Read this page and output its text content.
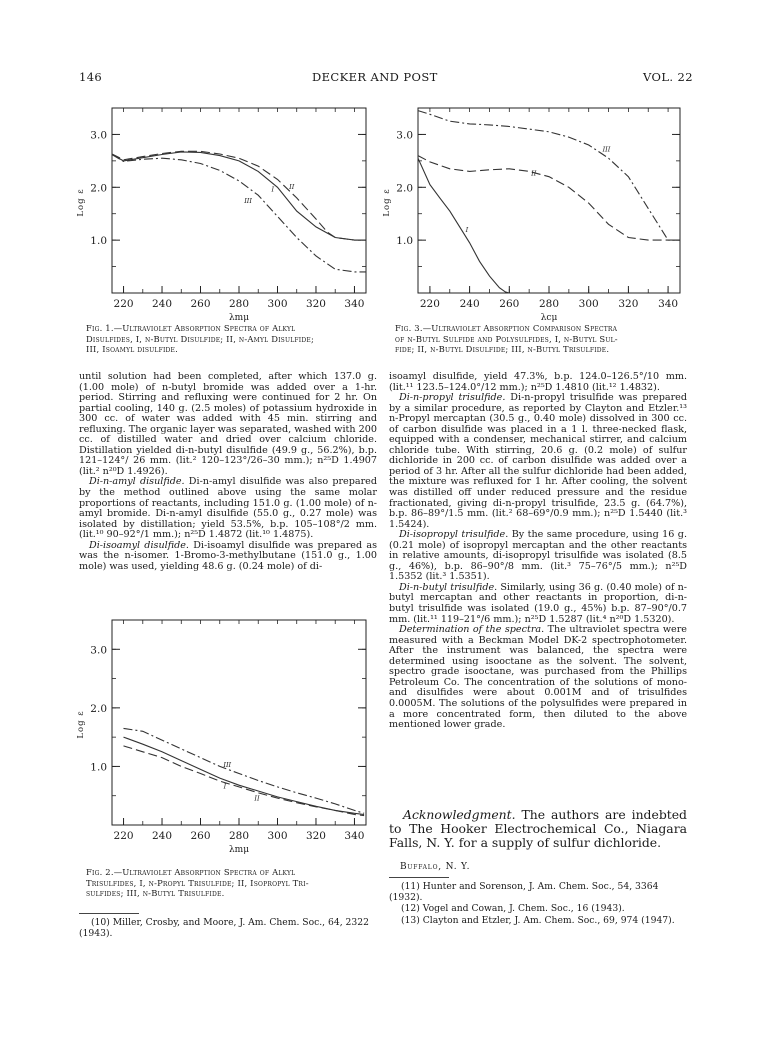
146	DECKER AND POST	VOL. 22
220 240 260 280 300 320 340
1.0
2.0
3.0
λmμ
Log ε
II
I
III
Fig. 1.—Ultraviolet Absorption Spectra of Alkyl
Disulfides, I, n-Butyl Disulfide; II, n-Amyl Disulfide;
III, Isoamyl disulfide.
220 240 260 280 300 320 340
1.0
2.0
3.0
λcμ
Log ε
III
II
I
Fig. 3.—Ultraviolet Absorption Comparison Spectra
of n-Butyl Sulfide and Polysulfides, I, n-Butyl Sul-
fide; II, n-Butyl Disulfide; III, n-Butyl Trisulfide.

until solution had been completed, after which 137.0 g. (1.00 mole) of n-butyl bromide was added over a 1-hr. period. Stirring and refluxing were continued for 2 hr. On partial cooling, 140 g. (2.5 moles) of potassium hydroxide in 300 cc. of water was added with 45 min. stirring and refluxing. The organic layer was separated, washed with 200 cc. of distilled water and dried over calcium chloride. Distillation yielded di-n-butyl disulfide (49.9 g., 56.2%), b.p. 121–124°/ 26 mm. (lit.² 120–123°/26–30 mm.); n²⁵D 1.4907 (lit.² n²⁰D 1.4926).

Di-n-amyl disulfide. Di-n-amyl disulfide was also prepared by the method outlined above using the same molar proportions of reactants, including 151.0 g. (1.00 mole) of n-amyl bromide. Di-n-amyl disulfide (55.0 g., 0.27 mole) was isolated by distillation; yield 53.5%, b.p. 105–108°/2 mm. (lit.¹⁰ 90–92°/1 mm.); n²⁵D 1.4872 (lit.¹⁰ 1.4875).

Di-isoamyl disulfide. Di-isoamyl disulfide was prepared as was the n-isomer. 1-Bromo-3-methylbutane (151.0 g., 1.00 mole) was used, yielding 48.6 g. (0.24 mole) of di-

220 240 260 280 300 320 340
1.0
2.0
3.0
λmμ
Log ε
III
I
II
Fig. 2.—Ultraviolet Absorption Spectra of Alkyl
Trisulfides, I, n-Propyl Trisulfide; II, Isopropyl Tri-
sulfides; III, n-Butyl Trisulfide.

(10) Miller, Crosby, and Moore, J. Am. Chem. Soc., 64, 2322 (1943).

isoamyl disulfide, yield 47.3%, b.p. 124.0–126.5°/10 mm. (lit.¹¹ 123.5–124.0°/12 mm.); n²⁵D 1.4810 (lit.¹² 1.4832).

Di-n-propyl trisulfide. Di-n-propyl trisulfide was prepared by a similar procedure, as reported by Clayton and Etzler.¹³ n-Propyl mercaptan (30.5 g., 0.40 mole) dissolved in 300 cc. of carbon disulfide was placed in a 1 l. three-necked flask, equipped with a condenser, mechanical stirrer, and calcium chloride tube. With stirring, 20.6 g. (0.2 mole) of sulfur dichloride in 200 cc. of carbon disulfide was added over a period of 3 hr. After all the sulfur dichloride had been added, the mixture was refluxed for 1 hr. After cooling, the solvent was distilled off under reduced pressure and the residue fractionated, giving di-n-propyl trisulfide, 23.5 g. (64.7%), b.p. 86–89°/1.5 mm. (lit.² 68–69°/0.9 mm.); n²⁵D 1.5440 (lit.³ 1.5424).

Di-isopropyl trisulfide. By the same procedure, using 16 g. (0.21 mole) of isopropyl mercaptan and the other reactants in relative amounts, di-isopropyl trisulfide was isolated (8.5 g., 46%), b.p. 86–90°/8 mm. (lit.³ 75–76°/5 mm.); n²⁵D 1.5352 (lit.³ 1.5351).

Di-n-butyl trisulfide. Similarly, using 36 g. (0.40 mole) of n-butyl mercaptan and other reactants in proportion, di-n-butyl trisulfide was isolated (19.0 g., 45%) b.p. 87–90°/0.7 mm. (lit.¹¹ 119–21°/6 mm.); n²⁵D 1.5287 (lit.⁴ n²⁰D 1.5320).

Determination of the spectra. The ultraviolet spectra were measured with a Beckman Model DK-2 spectrophotometer. After the instrument was balanced, the spectra were determined using isooctane as the solvent. The solvent, spectro grade isooctane, was purchased from the Phillips Petroleum Co. The concentration of the solutions of mono- and disulfides were about 0.001M and of trisulfides 0.0005M. The solutions of the polysulfides were prepared in a more concentrated form, then diluted to the above mentioned lower grade.

Acknowledgment. The authors are indebted to The Hooker Electrochemical Co., Niagara Falls, N. Y. for a supply of sulfur dichloride.

Buffalo, N. Y.

(11) Hunter and Sorenson, J. Am. Chem. Soc., 54, 3364 (1932).

(12) Vogel and Cowan, J. Chem. Soc., 16 (1943).

(13) Clayton and Etzler, J. Am. Chem. Soc., 69, 974 (1947).
